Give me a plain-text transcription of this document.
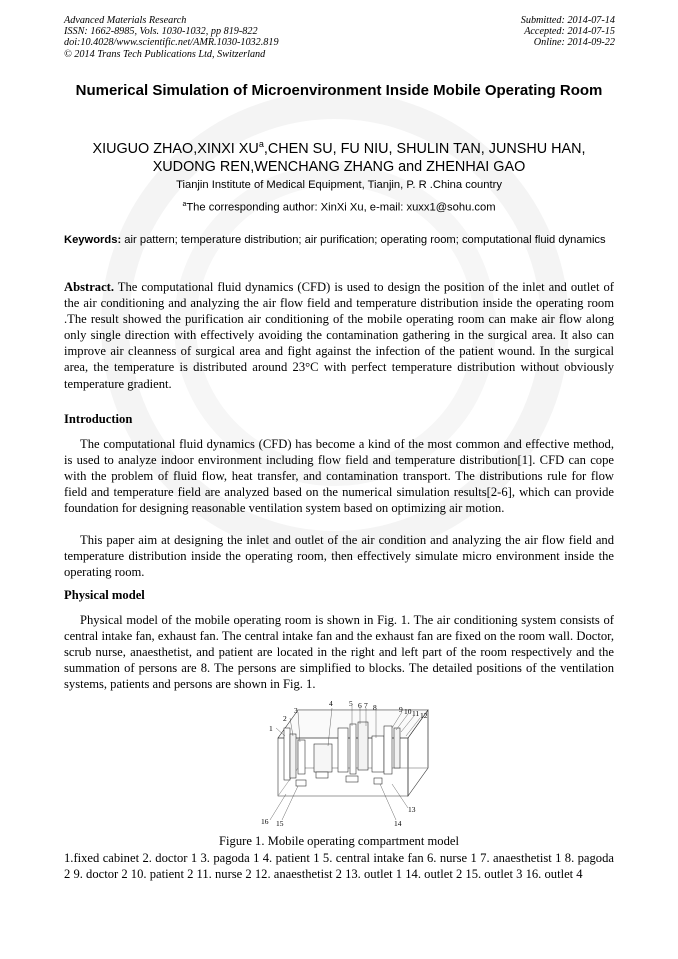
Advanced Materials Research
ISSN: 1662-8985, Vols. 1030-1032, pp 819-822
doi:10.4028/www.scientific.net/AMR.1030-1032.819
© 2014 Trans Tech Publications Ltd, Switzerland
Submitted: 2014-07-14
Accepted: 2014-07-15
Online: 2014-09-22
Numerical Simulation of Microenvironment Inside Mobile Operating Room
XIUGUO ZHAO,XINXI $XU^a,CHEN$ SU, FU NIU, SHULIN TAN, JUNSHU HAN,
XUDONG REN,WENCHANG ZHANG and ZHENHAI GAO
Tianjin Institute of Medical Equipment, Tianjin, P. R .China country
$^a$The corresponding author: XinXi Xu, e-mail: xuxx1@sohu.com
Keywords: air pattern; temperature distribution; air purification; operating room; computational fluid dynamics
Abstract. The computational fluid dynamics (CFD) is used to design the position of the inlet and outlet of the air conditioning and analyzing the air flow field and temperature distribution inside the operating room .The result showed the purification air conditioning of the mobile operating room can make air flow along only single direction with effectively avoiding the contamination gathering in the surgical area. It also can improve air cleanness of surgical area and fight against the infection of the patient wound. In the surgical area, the temperature is distributed around 23°C with perfect temperature distribution without obviously temperature gradient.
Introduction
The computational fluid dynamics (CFD) has become a kind of the most common and effective method, is used to analyze indoor environment including flow field and temperature distribution[1]. CFD can cope with the problem of fluid flow, heat transfer, and contamination transport. The distributions rule for flow field and temperature field are analyzed based on the numerical simulation results[2-6], which can provide foundation for designing reasonable ventilation system based on optimizing air motion.
This paper aim at designing the inlet and outlet of the air condition and analyzing the air flow field and temperature distribution inside the operating room, then effectively simulate micro environment inside the operating room.
Physical model
Physical model of the mobile operating room is shown in Fig. 1. The air conditioning system consists of central intake fan, exhaust fan. The central intake fan and the exhaust fan are fixed on the room wall. Doctor, scrub nurse, anaesthetist, and patient are located in the right and left part of the room respectively and the summation of persons are 8. The persons are simplified to blocks. The detailed positions of the ventilation systems, patients and persons are shown in Fig. 1.
1
2
3
4 5 6 7 8	9 10 11 12
13
14
15
16
Figure 1. Mobile operating compartment model
1.fixed cabinet 2. doctor 1 3. pagoda 1 4. patient 1 5. central intake fan 6. nurse 1 7. anaesthetist 1 8. pagoda 2 9. doctor 2 10. patient 2 11. nurse 2 12. anaesthetist 2 13. outlet 1 14. outlet 2 15. outlet 3 16. outlet 4
